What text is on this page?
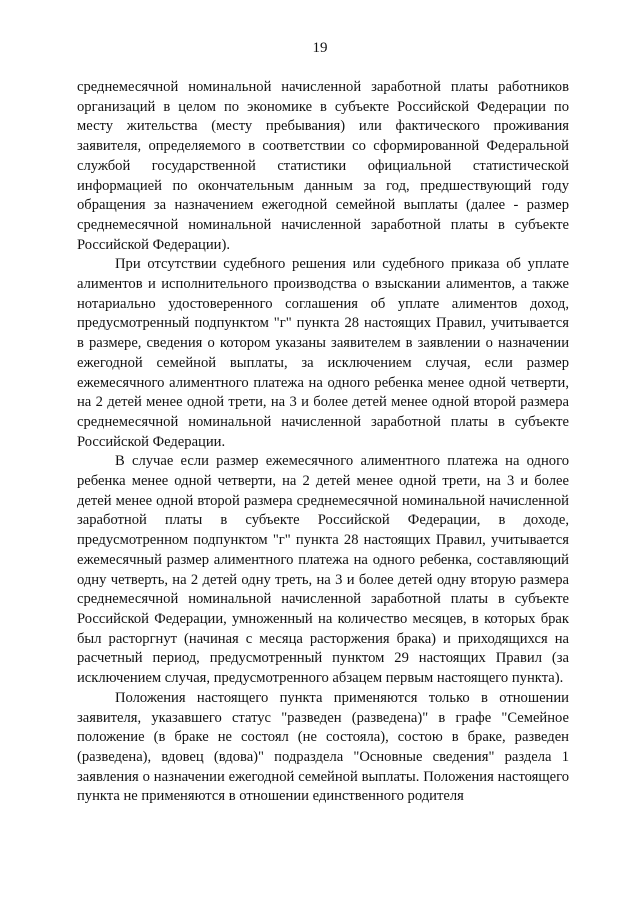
19

среднемесячной номинальной начисленной заработной платы работников организаций в целом по экономике в субъекте Российской Федерации по месту жительства (месту пребывания) или фактического проживания заявителя, определяемого в соответствии со сформированной Федеральной службой государственной статистики официальной статистической информацией по окончательным данным за год, предшествующий году обращения за назначением ежегодной семейной выплаты (далее - размер среднемесячной номинальной начисленной заработной платы в субъекте Российской Федерации).

При отсутствии судебного решения или судебного приказа об уплате алиментов и исполнительного производства о взыскании алиментов, а также нотариально удостоверенного соглашения об уплате алиментов доход, предусмотренный подпунктом "г" пункта 28 настоящих Правил, учитывается в размере, сведения о котором указаны заявителем в заявлении о назначении ежегодной семейной выплаты, за исключением случая, если размер ежемесячного алиментного платежа на одного ребенка менее одной четверти, на 2 детей менее одной трети, на 3 и более детей менее одной второй размера среднемесячной номинальной начисленной заработной платы в субъекте Российской Федерации.

В случае если размер ежемесячного алиментного платежа на одного ребенка менее одной четверти, на 2 детей менее одной трети, на 3 и более детей менее одной второй размера среднемесячной номинальной начисленной заработной платы в субъекте Российской Федерации, в доходе, предусмотренном подпунктом "г" пункта 28 настоящих Правил, учитывается ежемесячный размер алиментного платежа на одного ребенка, составляющий одну четверть, на 2 детей одну треть, на 3 и более детей одну вторую размера среднемесячной номинальной начисленной заработной платы в субъекте Российской Федерации, умноженный на количество месяцев, в которых брак был расторгнут (начиная с месяца расторжения брака) и приходящихся на расчетный период, предусмотренный пунктом 29 настоящих Правил (за исключением случая, предусмотренного абзацем первым настоящего пункта).

Положения настоящего пункта применяются только в отношении заявителя, указавшего статус "разведен (разведена)" в графе "Семейное положение (в браке не состоял (не состояла), состою в браке, разведен (разведена), вдовец (вдова)" подраздела "Основные сведения" раздела 1 заявления о назначении ежегодной семейной выплаты. Положения настоящего пункта не применяются в отношении единственного родителя
